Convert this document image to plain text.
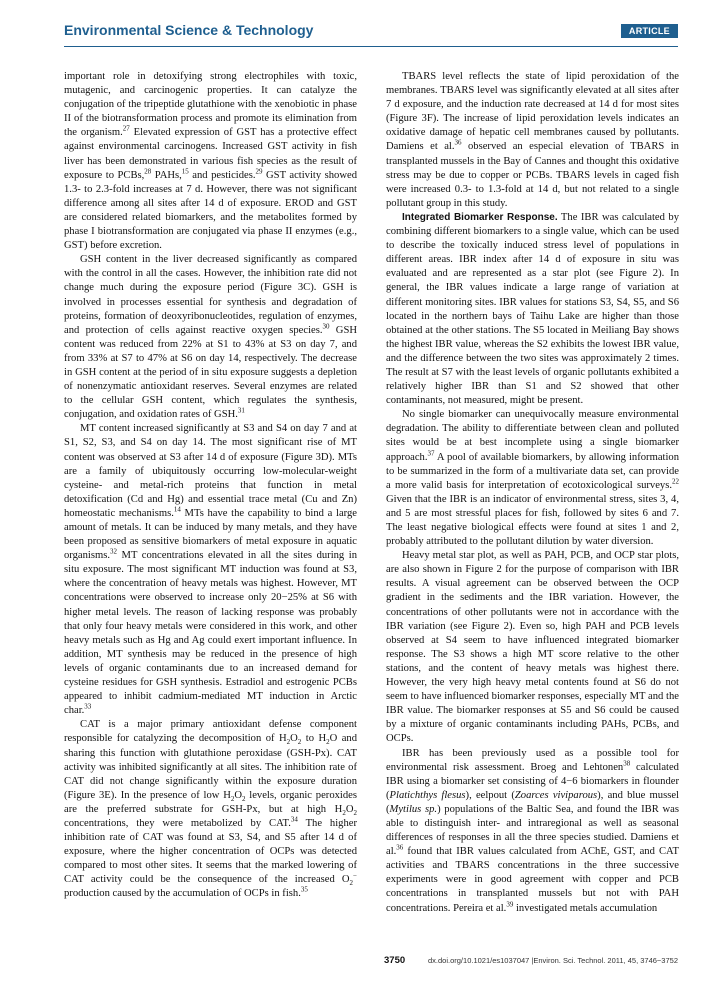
Environmental Science & Technology	ARTICLE

important role in detoxifying strong electrophiles with toxic, mutagenic, and carcinogenic properties. It can catalyze the conjugation of the tripeptide glutathione with the xenobiotic in phase II of the biotransformation process and promote its elimination from the organism.$^{27}$ Elevated expression of GST has a protective effect against environmental carcinogens. Increased GST activity in fish liver has been demonstrated in various fish species as the result of exposure to PCBs,$^{28}$ PAHs,$^{15}$ and pesticides.$^{29}$ GST activity showed 1.3- to 2.3-fold increases at 7 d. However, there was not significant difference among all sites after 14 d of exposure. EROD and GST are considered related biomarkers, and the metabolites formed by phase I biotransformation are conjugated via phase II enzymes (e.g., GST) before excretion.

GSH content in the liver decreased significantly as compared with the control in all the cases. However, the inhibition rate did not change much during the exposure period (Figure 3C). GSH is involved in processes essential for synthesis and degradation of proteins, formation of deoxyribonucleotides, regulation of enzymes, and protection of cells against reactive oxygen species.$^{30}$ GSH content was reduced from 22% at S1 to 43% at S3 on day 7, and from 33% at S7 to 47% at S6 on day 14, respectively. The decrease in GSH content at the period of in situ exposure suggests a depletion of nonenzymatic antioxidant reserves. Several enzymes are related to the cellular GSH content, which regulates the synthesis, conjugation, and oxidation rates of GSH.$^{31}$

MT content increased significantly at S3 and S4 on day 7 and at S1, S2, S3, and S4 on day 14. The most significant rise of MT content was observed at S3 after 14 d of exposure (Figure 3D). MTs are a family of ubiquitously occurring low-molecular-weight cysteine- and metal-rich proteins that function in metal detoxification (Cd and Hg) and essential trace metal (Cu and Zn) homeostatic mechanisms.$^{14}$ MTs have the capability to bind a large amount of metals. It can be induced by many metals, and they have been proposed as sensitive biomarkers of metal exposure in aquatic organisms.$^{32}$ MT concentrations elevated in all the sites during in situ exposure. The most significant MT induction was found at S3, where the concentration of heavy metals was highest. However, MT concentrations were observed to increase only 20−25% at S6 with higher metal levels. The reason of lacking response was probably that only four heavy metals were considered in this work, and other heavy metals such as Hg and Ag could exert important influence. In addition, MT synthesis may be reduced in the presence of high levels of organic contaminants due to an increased demand for cysteine residues for GSH synthesis. Estradiol and estrogenic PCBs appeared to inhibit cadmium-mediated MT induction in Arctic char.$^{33}$

CAT is a major primary antioxidant defense component responsible for catalyzing the decomposition of $H_2O_2$ to $H_2O$ and sharing this function with glutathione peroxidase (GSH-Px). CAT activity was inhibited significantly at all sites. The inhibition rate of CAT did not change significantly within the exposure duration (Figure 3E). In the presence of low $H_2O_2$ levels, organic peroxides are the preferred substrate for GSH-Px, but at high $H_2O_2$ concentrations, they were metabolized by CAT.$^{34}$ The higher inhibition rate of CAT was found at S3, S4, and S5 after 14 d of exposure, where the higher concentration of OCPs was detected compared to most other sites. It seems that the marked lowering of CAT activity could be the consequence of the increased $O_2^-$ production caused by the accumulation of OCPs in fish.$^{35}$

TBARS level reflects the state of lipid peroxidation of the membranes. TBARS level was significantly elevated at all sites after 7 d exposure, and the induction rate decreased at 14 d for most sites (Figure 3F). The increase of lipid peroxidation levels indicates an oxidative damage of hepatic cell membranes caused by pollutants. Damiens et al.$^{36}$ observed an especial elevation of TBARS in transplanted mussels in the Bay of Cannes and thought this oxidative stress may be due to copper or PCBs. TBARS levels in caged fish were increased 0.3- to 1.3-fold at 14 d, but not related to a single pollutant group in this study.

Integrated Biomarker Response. The IBR was calculated by combining different biomarkers to a single value, which can be used to describe the toxically induced stress level of populations in different areas. IBR index after 14 d of exposure in situ was evaluated and are represented as a star plot (see Figure 2). In general, the IBR values indicate a large range of variation at different monitoring sites. IBR values for stations S3, S4, S5, and S6 located in the northern bays of Taihu Lake are higher than those obtained at the other stations. The S5 located in Meiliang Bay shows the highest IBR value, whereas the S2 exhibits the lowest IBR value, and the difference between the two sites was approximately 2 times. The result at S7 with the least levels of organic pollutants exhibited a relatively higher IBR than S1 and S2 showed that other contaminants, not measured, might be present.

No single biomarker can unequivocally measure environmental degradation. The ability to differentiate between clean and polluted sites would be at best incomplete using a single biomarker approach.$^{37}$ A pool of available biomarkers, by allowing information to be summarized in the form of a multivariate data set, can provide a more valid basis for interpretation of ecotoxicological surveys.$^{22}$ Given that the IBR is an indicator of environmental stress, sites 3, 4, and 5 are most stressful places for fish, followed by sites 6 and 7. The least negative biological effects were found at sites 1 and 2, probably attributed to the pollutant dilution by water diversion.

Heavy metal star plot, as well as PAH, PCB, and OCP star plots, are also shown in Figure 2 for the purpose of comparison with IBR results. A visual agreement can be observed between the OCP gradient in the sediments and the IBR variation. However, the concentrations of other pollutants were not in accordance with the IBR variation (see Figure 2). Even so, high PAH and PCB levels observed at S4 seem to have influenced integrated biomarker response. The S3 shows a high MT score relative to the other stations, and the content of heavy metals was highest there. However, the very high heavy metal contents found at S6 do not seem to have influenced biomarker responses, especially MT and the IBR value. The biomarker responses at S5 and S6 could be caused by a mixture of organic contaminants including PAHs, PCBs, and OCPs.

IBR has been previously used as a possible tool for environmental risk assessment. Broeg and Lehtonen$^{38}$ calculated IBR using a biomarker set consisting of 4−6 biomarkers in flounder (Platichthys flesus), eelpout (Zoarces viviparous), and blue mussel (Mytilus sp.) populations of the Baltic Sea, and found the IBR was able to distinguish inter- and intraregional as well as seasonal differences of responses in all the three species studied. Damiens et al.$^{36}$ found that IBR values calculated from AChE, GST, and CAT activities and TBARS concentrations in the three successive experiments were in good agreement with copper and PCB concentrations in transplanted mussels but not with PAH concentrations. Pereira et al.$^{39}$ investigated metals accumulation

3750	dx.doi.org/10.1021/es1037047 |Environ. Sci. Technol. 2011, 45, 3746−3752
